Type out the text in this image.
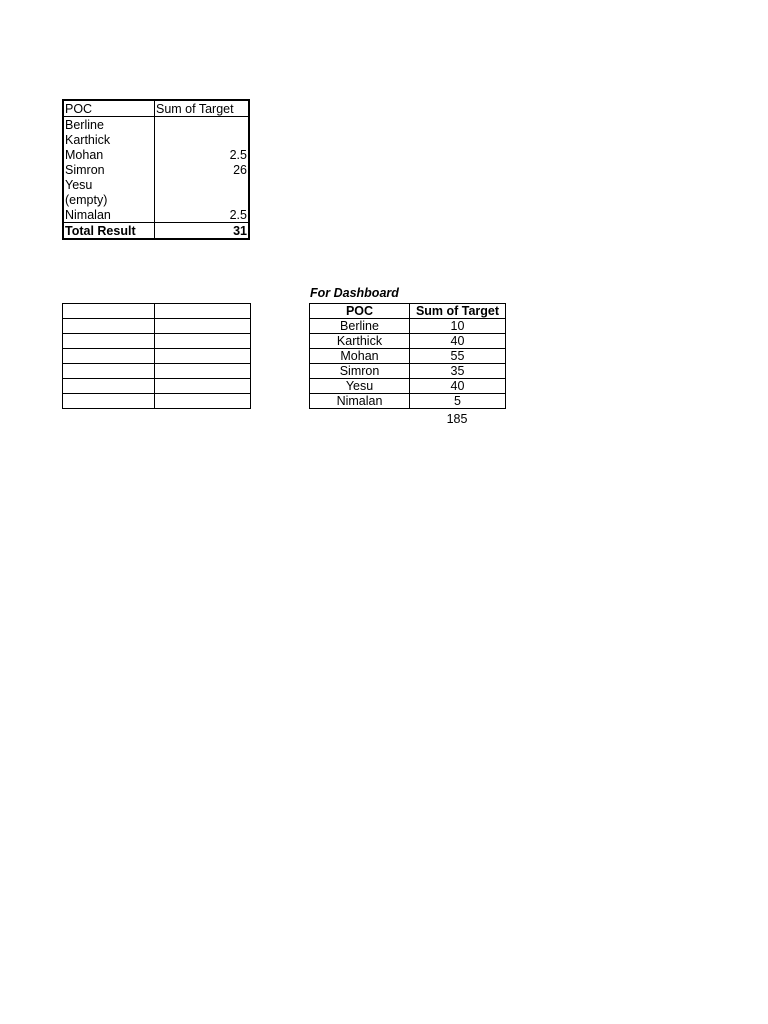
POC	Sum of Target
Berline	
Karthick	
Mohan	2.5
Simron	26
Yesu	
(empty)	
Nimalan	2.5
Total Result	31

For Dashboard
POC	Sum of Target
Berline	10
Karthick	40
Mohan	55
Simron	35
Yesu	40
Nimalan	5
185
